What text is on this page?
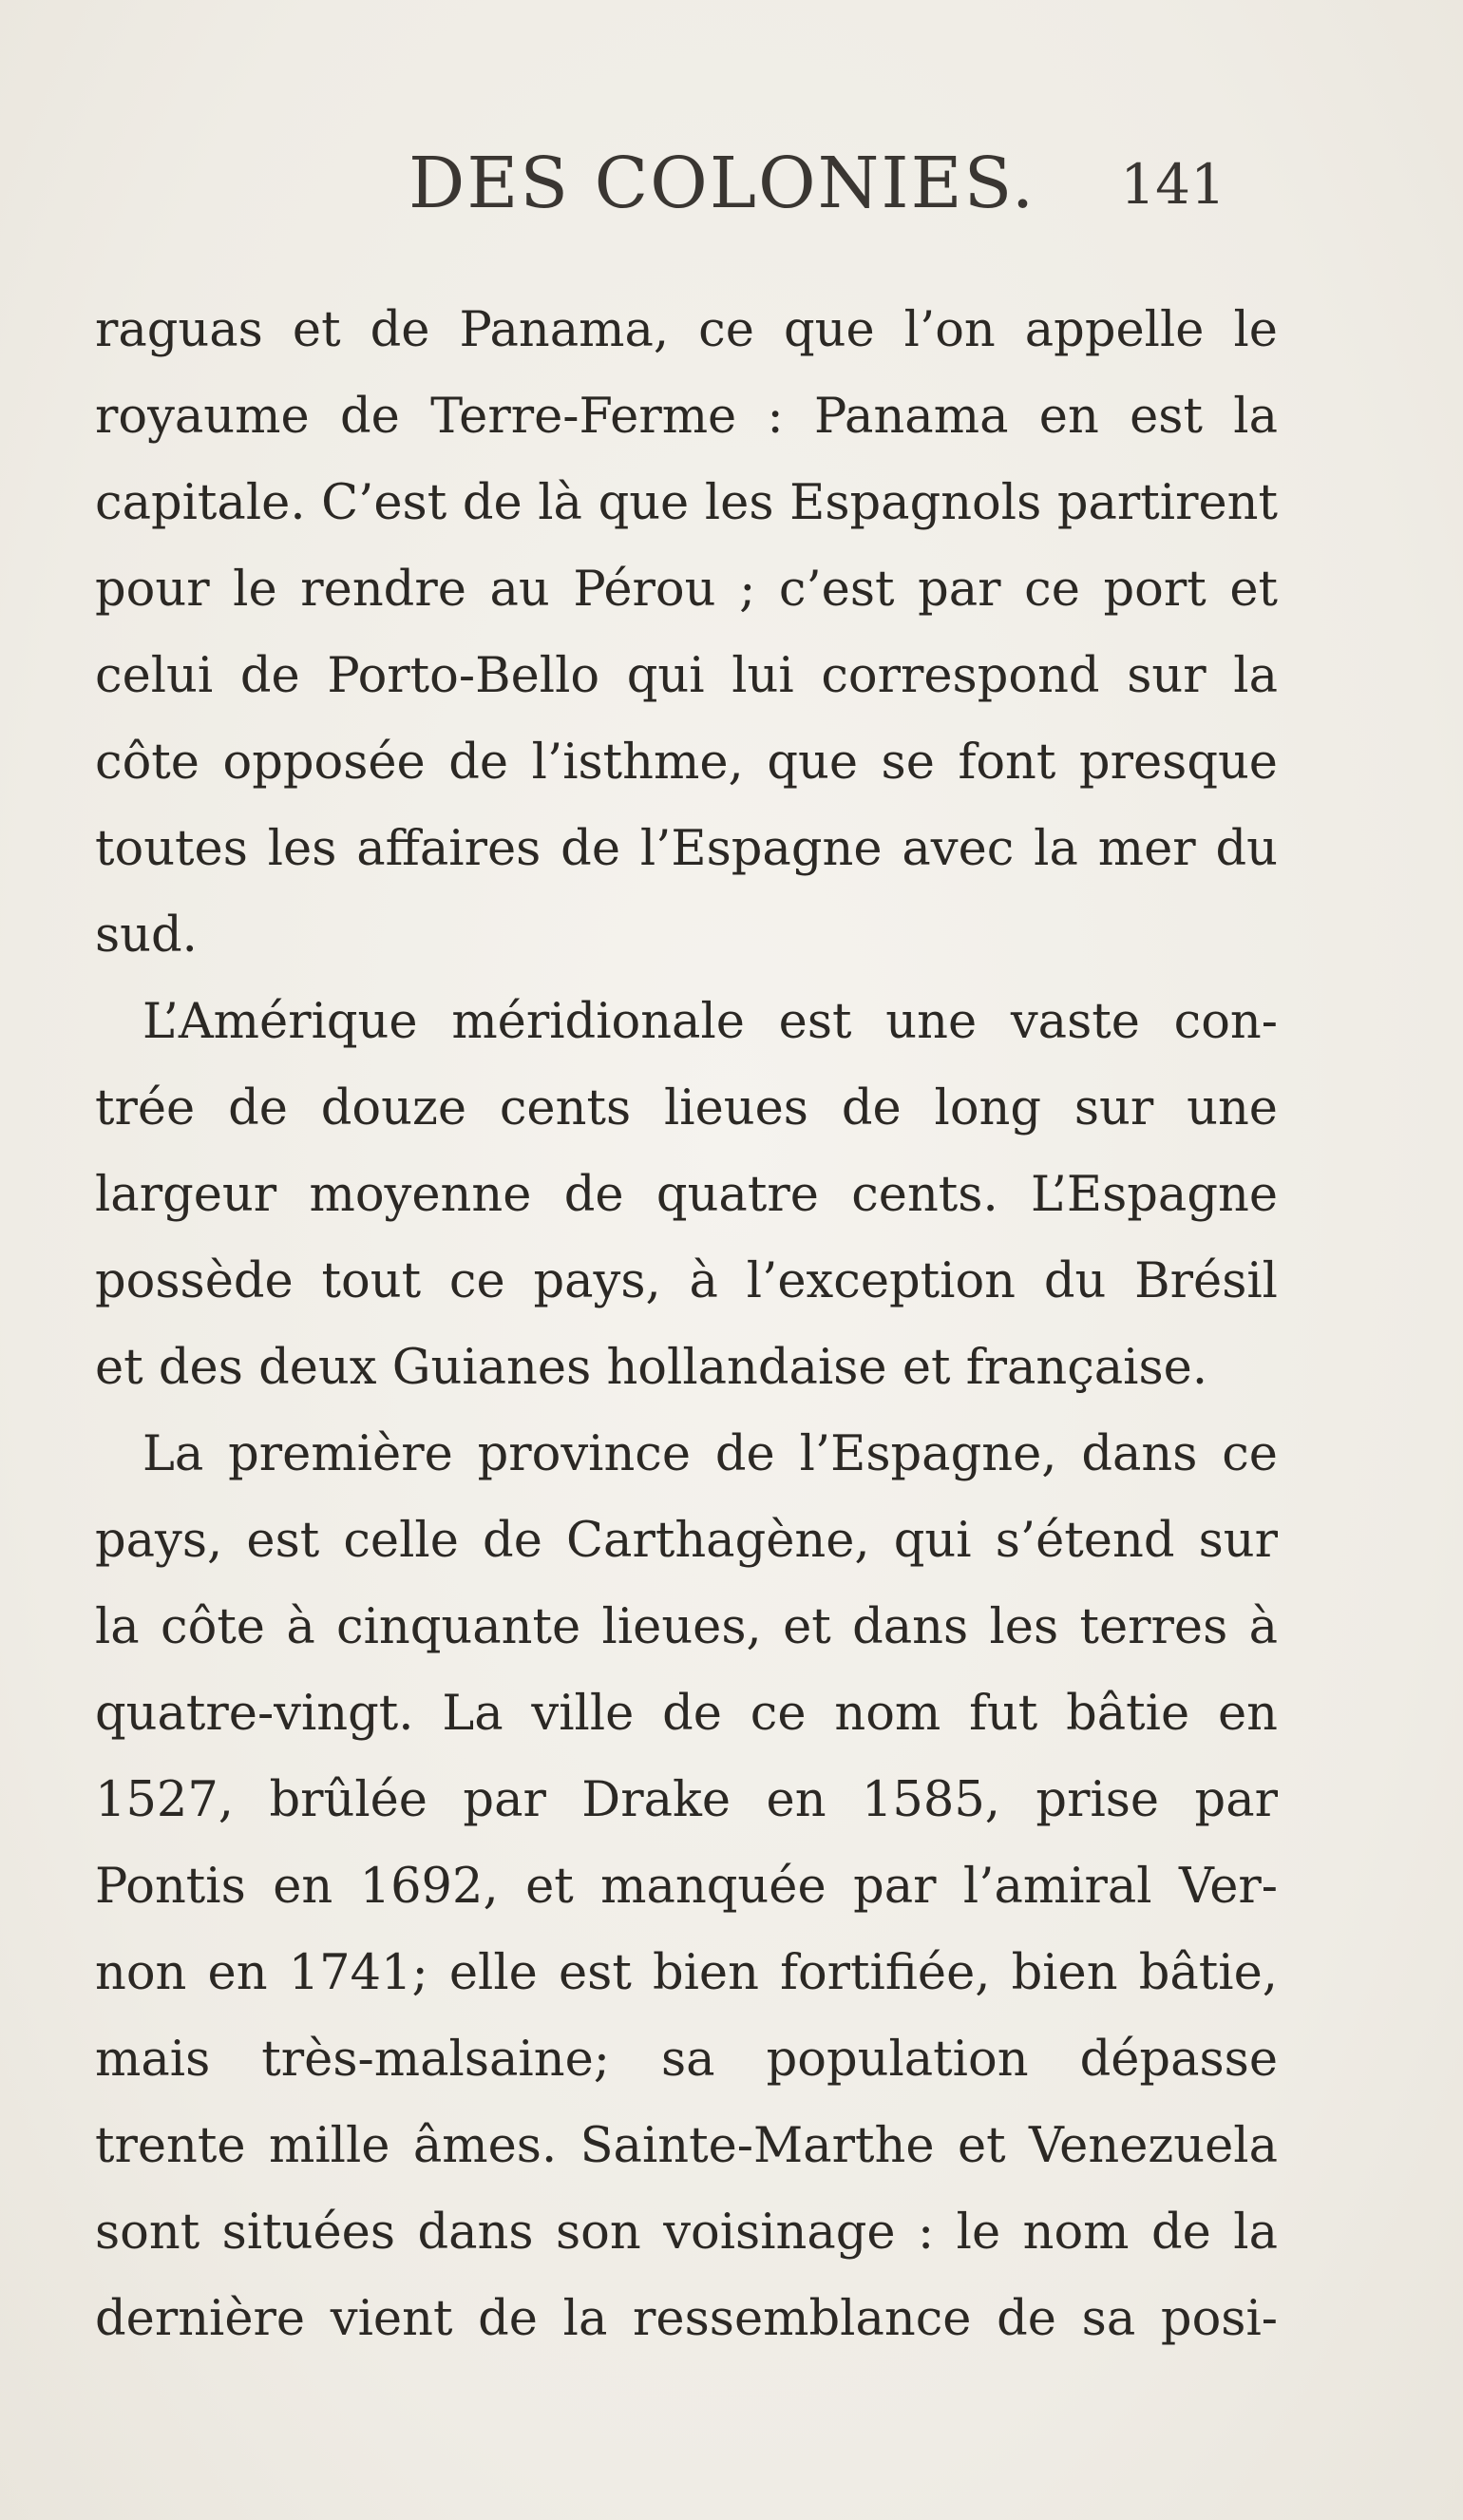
DES COLONIES. 141
raguas et de Panama, ce que l’on appelle le
royaume de Terre-Ferme : Panama en est la
capitale. C’est de là que les Espagnols partirent
pour le rendre au Pérou ; c’est par ce port et
celui de Porto-Bello qui lui correspond sur la
côte opposée de l’isthme, que se font presque
toutes les affaires de l’Espagne avec la mer du
sud.
L’Amérique méridionale est une vaste con-
trée de douze cents lieues de long sur une
largeur moyenne de quatre cents. L’Espagne
possède tout ce pays, à l’exception du Brésil
et des deux Guianes hollandaise et française.
La première province de l’Espagne, dans ce
pays, est celle de Carthagène, qui s’étend sur
la côte à cinquante lieues, et dans les terres à
quatre-vingt. La ville de ce nom fut bâtie en
1527, brûlée par Drake en 1585, prise par
Pontis en 1692, et manquée par l’amiral Ver-
non en 1741; elle est bien fortifiée, bien bâtie,
mais très-malsaine; sa population dépasse
trente mille âmes. Sainte-Marthe et Venezuela
sont situées dans son voisinage : le nom de la
dernière vient de la ressemblance de sa posi-
